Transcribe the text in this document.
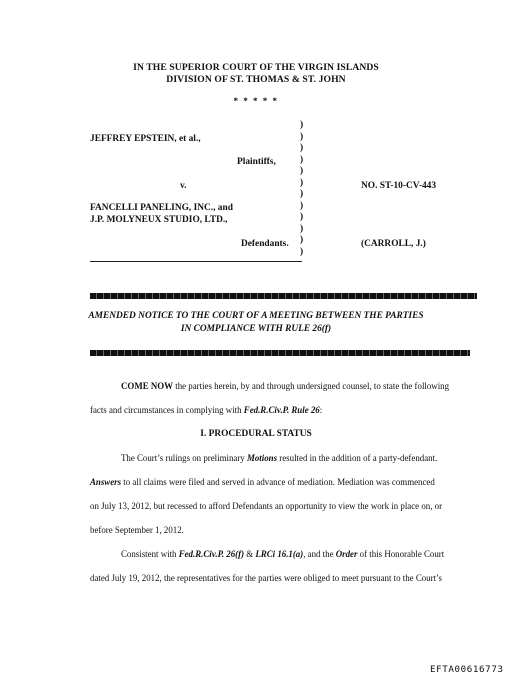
IN THE SUPERIOR COURT OF THE VIRGIN ISLANDS
DIVISION OF ST. THOMAS & ST. JOHN
* * * * *
JEFFREY EPSTEIN, et al.,
Plaintiffs,
v.
FANCELLI PANELING, INC., and
J.P. MOLYNEUX STUDIO, LTD.,
Defendants.
)
)
)
)
)
)
)
)
)
)
)
)
NO. ST-10-CV-443
(CARROLL, J.)
AMENDED NOTICE TO THE COURT OF A MEETING BETWEEN THE PARTIES
IN COMPLIANCE WITH RULE 26(f)
COME NOW the parties herein, by and through undersigned counsel, to state the following
facts and circumstances in complying with Fed.R.Civ.P. Rule 26:
I. PROCEDURAL STATUS
The Court’s rulings on preliminary Motions resulted in the addition of a party-defendant.
Answers to all claims were filed and served in advance of mediation. Mediation was commenced
on July 13, 2012, but recessed to afford Defendants an opportunity to view the work in place on, or
before September 1, 2012.
Consistent with Fed.R.Civ.P. 26(f) & LRCi 16.1(a), and the Order of this Honorable Court
dated July 19, 2012, the representatives for the parties were obliged to meet pursuant to the Court’s
EFTA00616773
